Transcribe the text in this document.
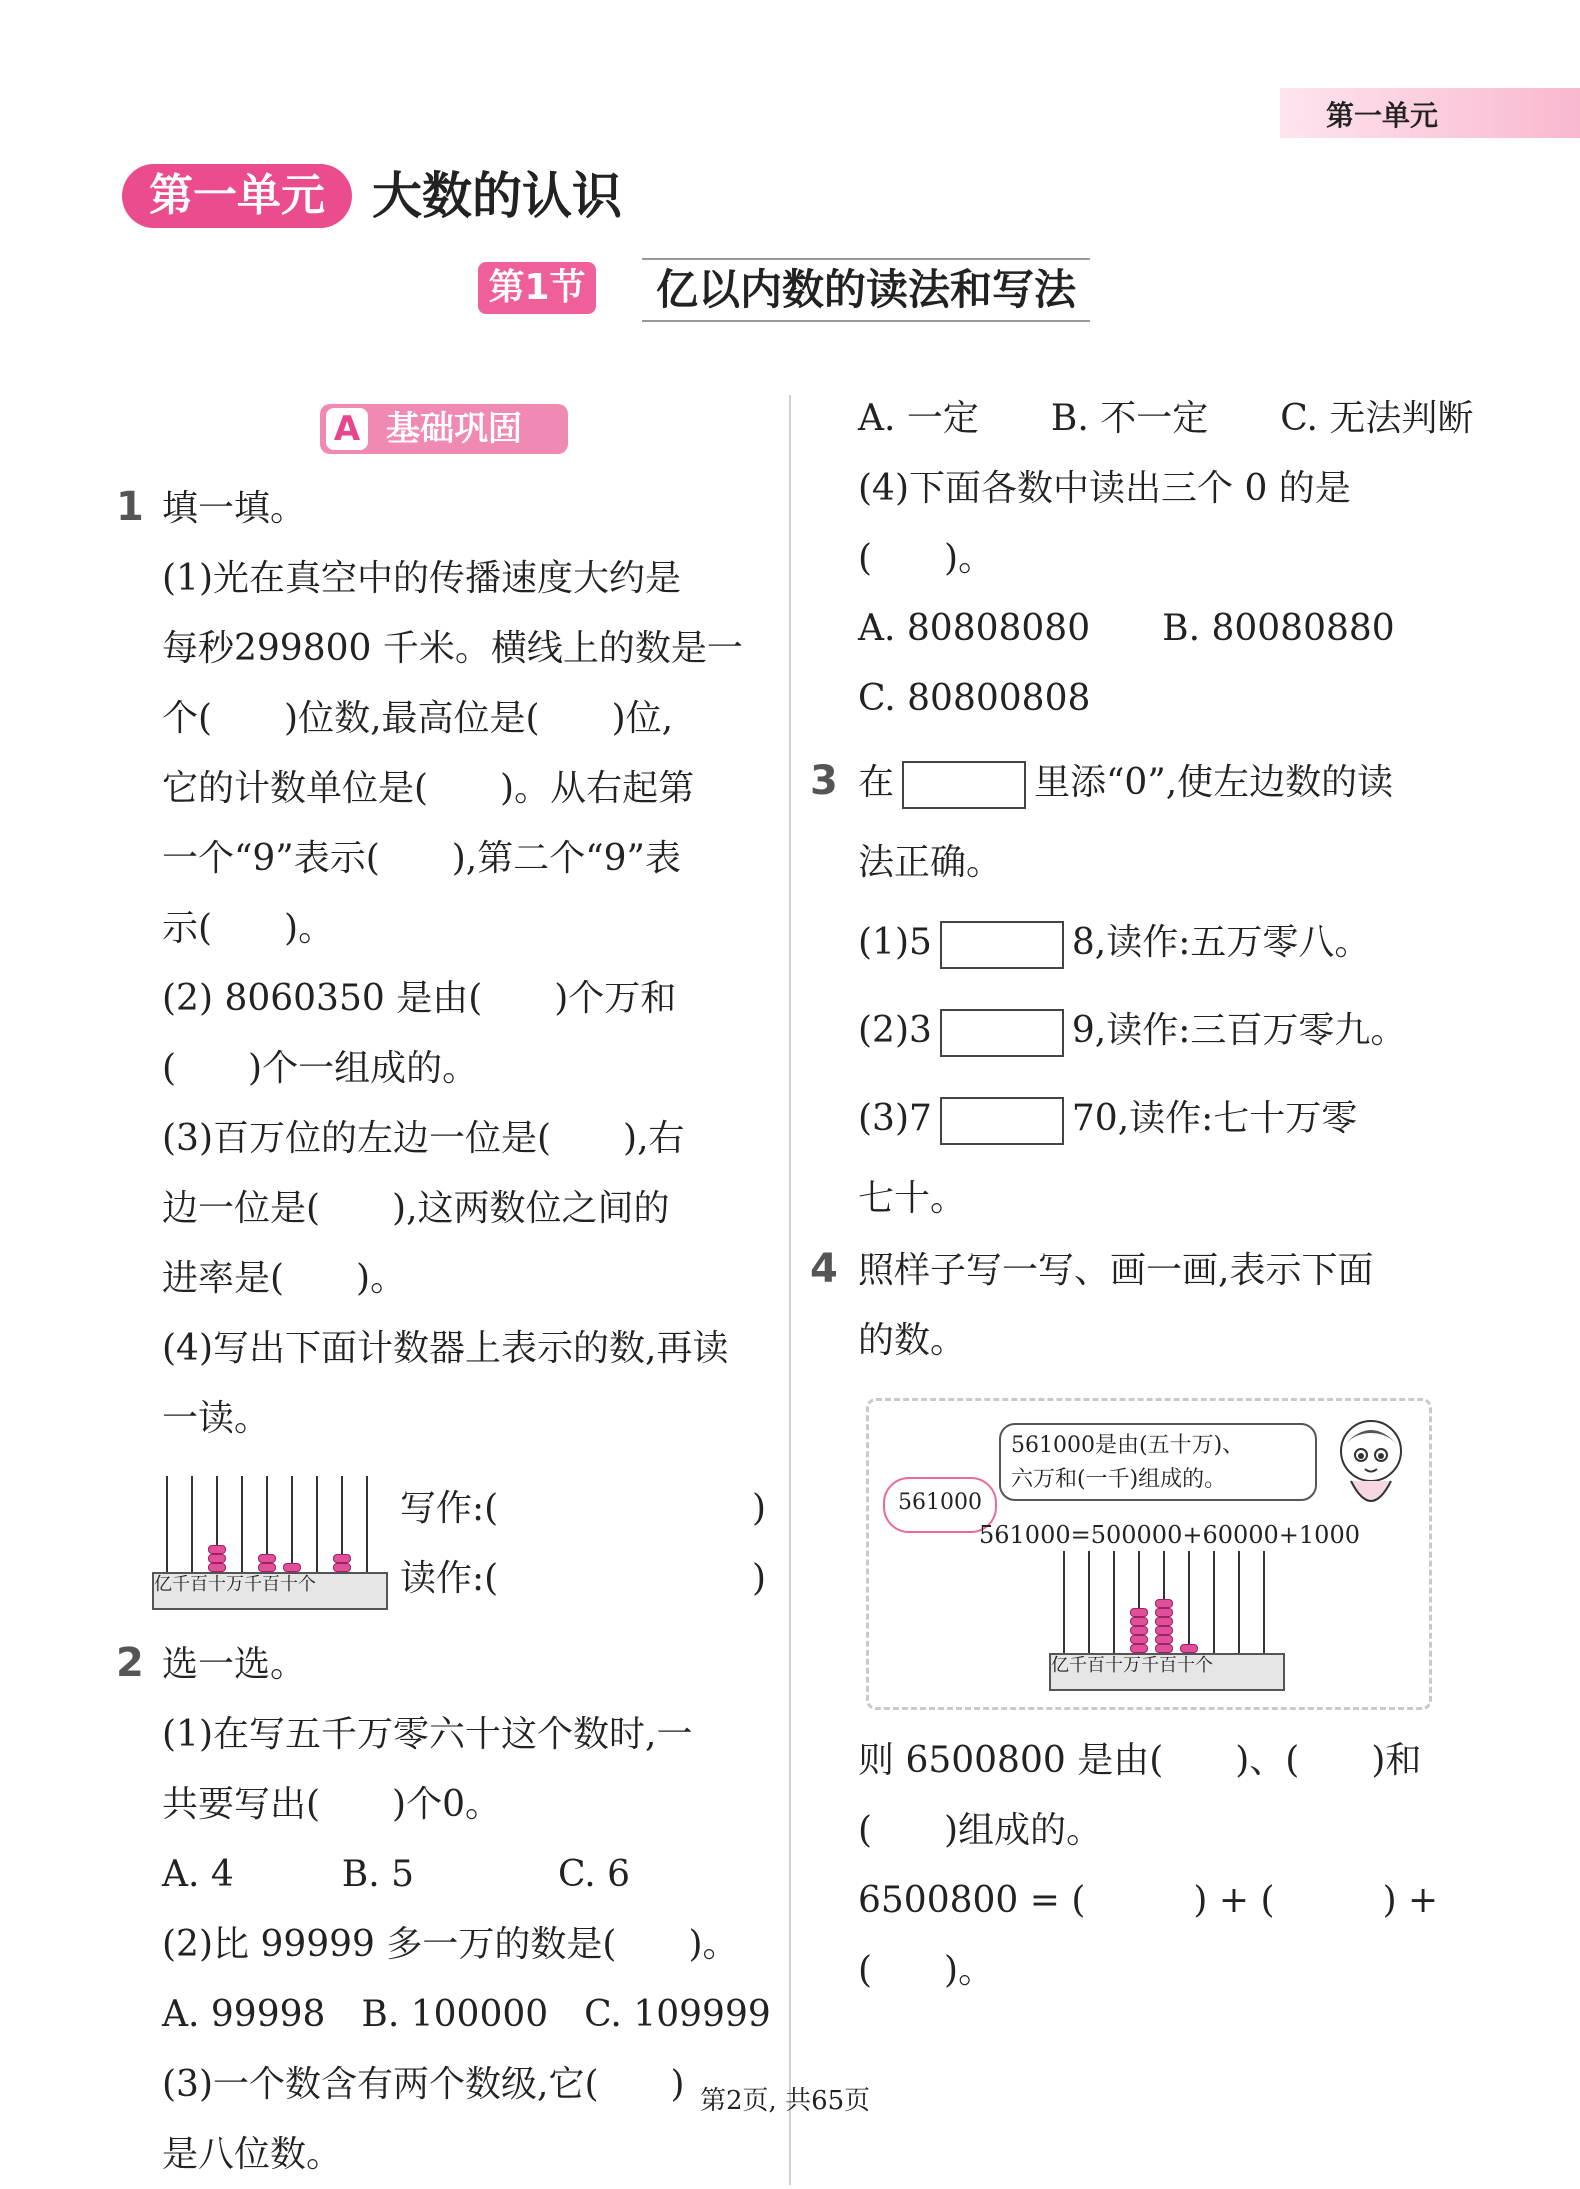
第一单元
第一单元 大数的认识
第1节	亿以内数的读法和写法
A 基础巩固
1 填一填。
(1)光在真空中的传播速度大约是
每秒299800 千米。横线上的数是一
个(　　)位数,最高位是(　　)位,
它的计数单位是(　　)。从右起第
一个“9”表示(　　),第二个“9”表
示(　　)。
(2) 8060350 是由(　　)个万和
(　　)个一组成的。
(3)百万位的左边一位是(　　),右
边一位是(　　),这两数位之间的
进率是(　　)。
(4)写出下面计数器上表示的数,再读
一读。
亿千百十万千百十个
写作:(	)
读作:(	)
2 选一选。
(1)在写五千万零六十这个数时,一
共要写出(　　)个0。
A. 4　　　B. 5　　　　C. 6
(2)比 99999 多一万的数是(　　)。
A. 99998　B. 100000　C. 109999
(3)一个数含有两个数级,它(　　)
是八位数。
A. 一定　　B. 不一定　　C. 无法判断
(4)下面各数中读出三个 0 的是
(　　)。
A. 80808080　　B. 80080880
C. 80800808
3 在	里添“0”,使左边数的读
法正确。
(1)5	8,读作:五万零八。
(2)3	9,读作:三百万零九。
(3)7	70,读作:七十万零
七十。
4 照样子写一写、画一画,表示下面
的数。
561000是由(五十万)、
六万和(一千)组成的。
561000
561000=500000+60000+1000
亿千百十万千百十个
则 6500800 是由(　　)、(　　)和
(　　)组成的。
6500800 = (　　　) + (　　　) +
(　　)。
第2页, 共65页
